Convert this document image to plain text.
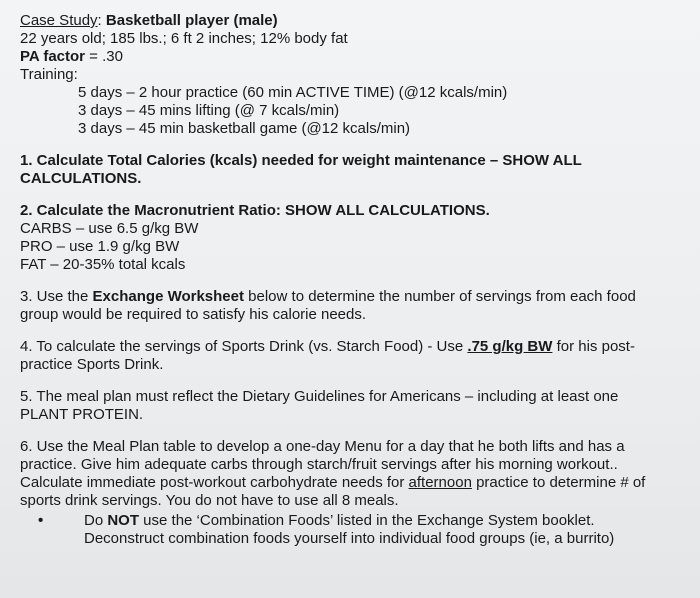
Case Study: Basketball player (male)
22 years old; 185 lbs.; 6 ft 2 inches; 12% body fat
PA factor = .30
Training:
5 days – 2 hour practice (60 min ACTIVE TIME) (@12 kcals/min)
3 days – 45 mins lifting (@ 7 kcals/min)
3 days – 45 min basketball game (@12 kcals/min)
1. Calculate Total Calories (kcals) needed for weight maintenance – SHOW ALL
CALCULATIONS.
2. Calculate the Macronutrient Ratio: SHOW ALL CALCULATIONS.
CARBS – use 6.5 g/kg BW
PRO – use 1.9 g/kg BW
FAT – 20-35% total kcals
3. Use the Exchange Worksheet below to determine the number of servings from each food
group would be required to satisfy his calorie needs.
4. To calculate the servings of Sports Drink (vs. Starch Food) - Use .75 g/kg BW for his post-
practice Sports Drink.
5. The meal plan must reflect the Dietary Guidelines for Americans – including at least one
PLANT PROTEIN.
6. Use the Meal Plan table to develop a one-day Menu for a day that he both lifts and has a
practice. Give him adequate carbs through starch/fruit servings after his morning workout..
Calculate immediate post-workout carbohydrate needs for afternoon practice to determine # of
sports drink servings. You do not have to use all 8 meals.
•	Do NOT use the ‘Combination Foods’ listed in the Exchange System booklet.
Deconstruct combination foods yourself into individual food groups (ie, a burrito)
